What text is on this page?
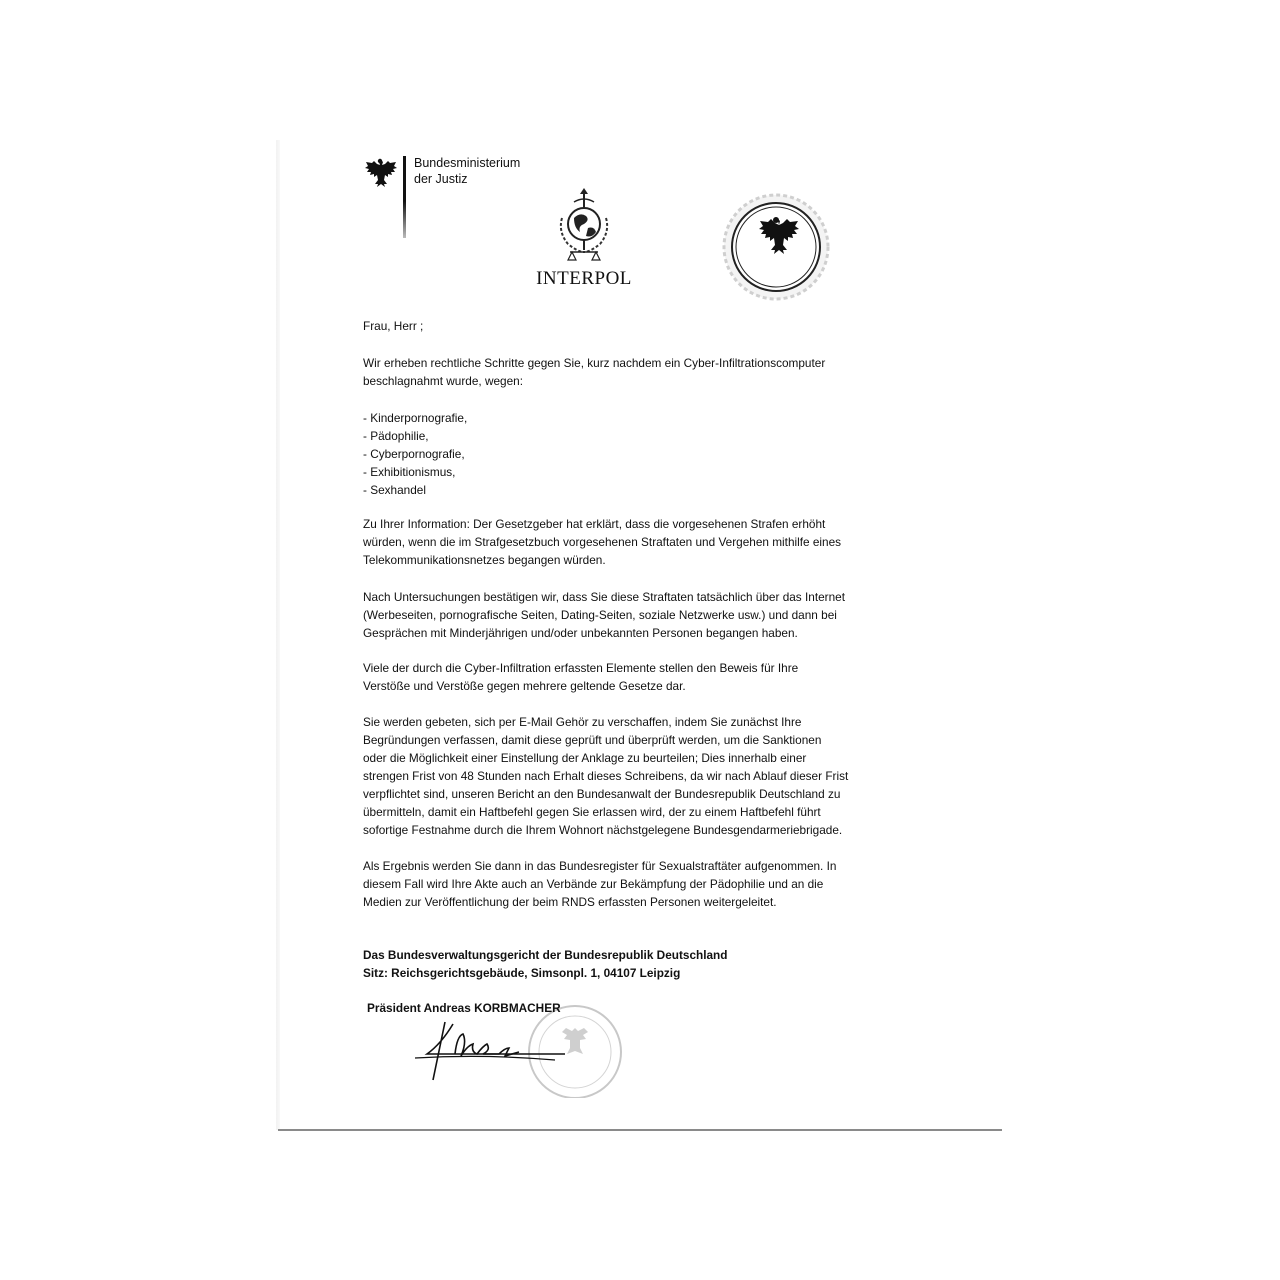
Bundesministerium
der Justiz
INTERPOL
Frau, Herr ;

Wir erheben rechtliche Schritte gegen Sie, kurz nachdem ein Cyber-Infiltrationscomputer

beschlagnahmt wurde, wegen:

- Kinderpornografie,
- Pädophilie,
- Cyberpornografie,
- Exhibitionismus,
- Sexhandel

Zu Ihrer Information: Der Gesetzgeber hat erklärt, dass die vorgesehenen Strafen erhöht

würden, wenn die im Strafgesetzbuch vorgesehenen Straftaten und Vergehen mithilfe eines

Telekommunikationsnetzes begangen würden.

Nach Untersuchungen bestätigen wir, dass Sie diese Straftaten tatsächlich über das Internet

(Werbeseiten, pornografische Seiten, Dating-Seiten, soziale Netzwerke usw.) und dann bei

Gesprächen mit Minderjährigen und/oder unbekannten Personen begangen haben.

Viele der durch die Cyber-Infiltration erfassten Elemente stellen den Beweis für Ihre

Verstöße und Verstöße gegen mehrere geltende Gesetze dar.

Sie werden gebeten, sich per E-Mail Gehör zu verschaffen, indem Sie zunächst Ihre

Begründungen verfassen, damit diese geprüft und überprüft werden, um die Sanktionen

oder die Möglichkeit einer Einstellung der Anklage zu beurteilen; Dies innerhalb einer

strengen Frist von 48 Stunden nach Erhalt dieses Schreibens, da wir nach Ablauf dieser Frist

verpflichtet sind, unseren Bericht an den Bundesanwalt der Bundesrepublik Deutschland zu

übermitteln, damit ein Haftbefehl gegen Sie erlassen wird, der zu einem Haftbefehl führt

sofortige Festnahme durch die Ihrem Wohnort nächstgelegene Bundesgendarmeriebrigade.

Als Ergebnis werden Sie dann in das Bundesregister für Sexualstraftäter aufgenommen. In

diesem Fall wird Ihre Akte auch an Verbände zur Bekämpfung der Pädophilie und an die

Medien zur Veröffentlichung der beim RNDS erfassten Personen weitergeleitet.

Das Bundesverwaltungsgericht der Bundesrepublik Deutschland

Sitz: Reichsgerichtsgebäude, Simsonpl. 1, 04107 Leipzig

Präsident Andreas KORBMACHER
